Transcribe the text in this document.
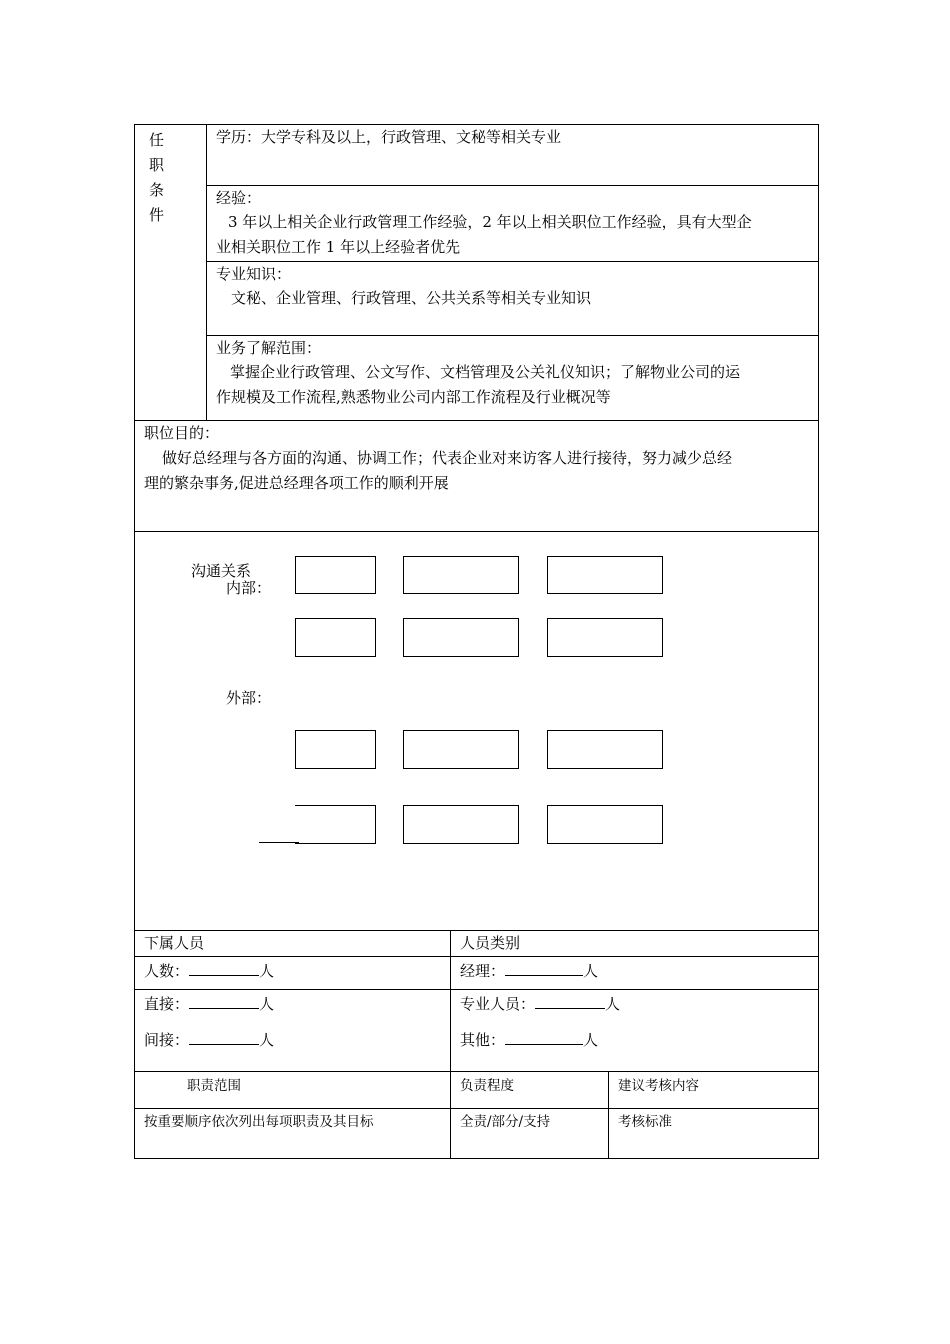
任
职
条
件
学历：大学专科及以上，行政管理、文秘等相关专业
经验：
3 年以上相关企业行政管理工作经验，2 年以上相关职位工作经验，具有大型企
业相关职位工作 1 年以上经验者优先
专业知识：
文秘、企业管理、行政管理、公共关系等相关专业知识
业务了解范围：
掌握企业行政管理、公文写作、文档管理及公关礼仪知识；了解物业公司的运
作规模及工作流程,熟悉物业公司内部工作流程及行业概况等
职位目的：
做好总经理与各方面的沟通、协调工作；代表企业对来访客人进行接待，努力减少总经
理的繁杂事务,促进总经理各项工作的顺利开展
沟通关系
内部：
外部：
下属人员	人员类别
人数：	人	经理：	人
直接：	人	专业人员：	人
间接：	人	其他：	人
职责范围	负责程度	建议考核内容
按重要顺序依次列出每项职责及其目标	全责/部分/支持	考核标准
